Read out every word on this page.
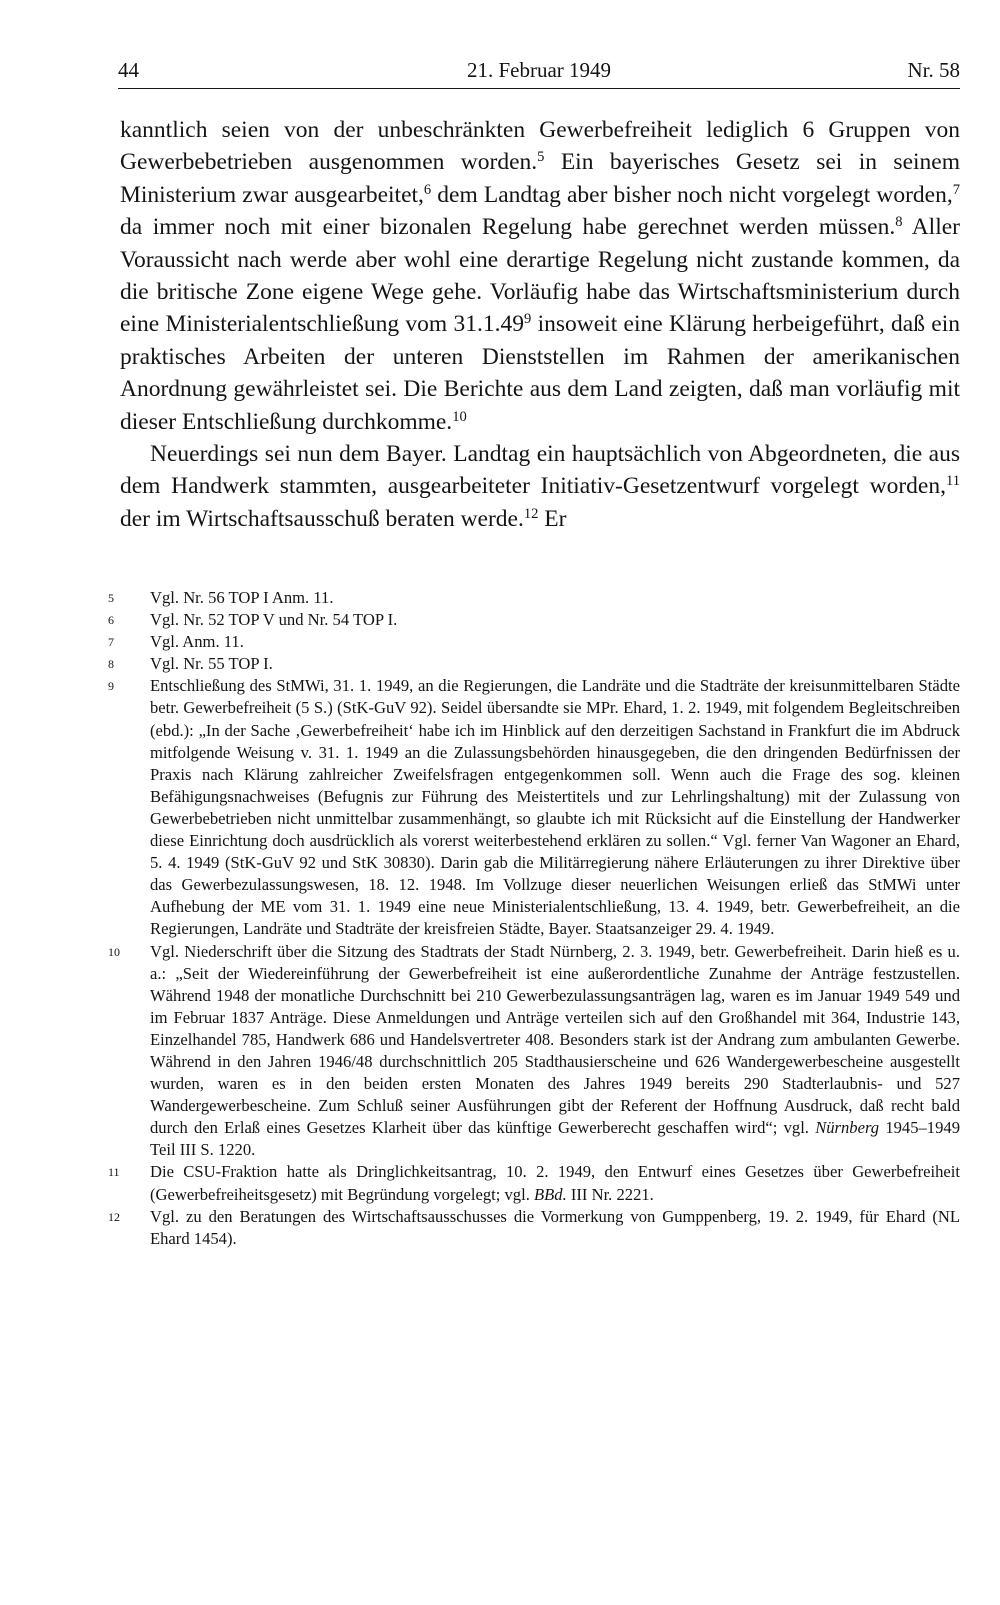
44	21. Februar 1949	Nr. 58

kanntlich seien von der unbeschränkten Gewerbefreiheit lediglich 6 Gruppen von Gewerbebetrieben ausgenommen worden.$^5$ Ein bayerisches Gesetz sei in seinem Ministerium zwar ausgearbeitet,$^6$ dem Landtag aber bisher noch nicht vorgelegt worden,$^7$ da immer noch mit einer bizonalen Regelung habe gerechnet werden müssen.$^8$ Aller Voraussicht nach werde aber wohl eine derartige Regelung nicht zustande kommen, da die britische Zone eigene Wege gehe. Vorläufig habe das Wirtschaftsministerium durch eine Ministerialentschließung vom 31.1.49$^9$ insoweit eine Klärung herbeigeführt, daß ein praktisches Arbeiten der unteren Dienststellen im Rahmen der amerikanischen Anordnung gewährleistet sei. Die Berichte aus dem Land zeigten, daß man vorläufig mit dieser Entschließung durchkomme.$^{10}$

Neuerdings sei nun dem Bayer. Landtag ein hauptsächlich von Abgeordneten, die aus dem Handwerk stammten, ausgearbeiteter Initiativ-Gesetzentwurf vorgelegt worden,$^{11}$ der im Wirtschaftsausschuß beraten werde.$^{12}$ Er

5 Vgl. Nr. 56 TOP I Anm. 11.
6 Vgl. Nr. 52 TOP V und Nr. 54 TOP I.
7 Vgl. Anm. 11.
8 Vgl. Nr. 55 TOP I.
9 Entschließung des StMWi, 31. 1. 1949, an die Regierungen, die Landräte und die Stadträte der kreisunmittelbaren Städte betr. Gewerbefreiheit (5 S.) (StK-GuV 92). Seidel übersandte sie MPr. Ehard, 1. 2. 1949, mit folgendem Begleitschreiben (ebd.): „In der Sache ‚Gewerbefreiheit‘ habe ich im Hinblick auf den derzeitigen Sachstand in Frankfurt die im Abdruck mitfolgende Weisung v. 31. 1. 1949 an die Zulassungsbehörden hinausgegeben, die den dringenden Bedürfnissen der Praxis nach Klärung zahlreicher Zweifelsfragen entgegenkommen soll. Wenn auch die Frage des sog. kleinen Befähigungsnachweises (Befugnis zur Führung des Meistertitels und zur Lehrlingshaltung) mit der Zulassung von Gewerbebetrieben nicht unmittelbar zusammenhängt, so glaubte ich mit Rücksicht auf die Einstellung der Handwerker diese Einrichtung doch ausdrücklich als vorerst weiterbestehend erklären zu sollen.“ Vgl. ferner Van Wagoner an Ehard, 5. 4. 1949 (StK-GuV 92 und StK 30830). Darin gab die Militärregierung nähere Erläuterungen zu ihrer Direktive über das Gewerbezulassungswesen, 18. 12. 1948. Im Vollzuge dieser neuerlichen Weisungen erließ das StMWi unter Aufhebung der ME vom 31. 1. 1949 eine neue Ministerialentschließung, 13. 4. 1949, betr. Gewerbefreiheit, an die Regierungen, Landräte und Stadträte der kreisfreien Städte, Bayer. Staatsanzeiger 29. 4. 1949.
10 Vgl. Niederschrift über die Sitzung des Stadtrats der Stadt Nürnberg, 2. 3. 1949, betr. Gewerbefreiheit. Darin hieß es u. a.: „Seit der Wiedereinführung der Gewerbefreiheit ist eine außerordentliche Zunahme der Anträge festzustellen. Während 1948 der monatliche Durchschnitt bei 210 Gewerbezulassungsanträgen lag, waren es im Januar 1949 549 und im Februar 1837 Anträge. Diese Anmeldungen und Anträge verteilen sich auf den Großhandel mit 364, Industrie 143, Einzelhandel 785, Handwerk 686 und Handelsvertreter 408. Besonders stark ist der Andrang zum ambulanten Gewerbe. Während in den Jahren 1946/48 durchschnittlich 205 Stadthausierscheine und 626 Wandergewerbescheine ausgestellt wurden, waren es in den beiden ersten Monaten des Jahres 1949 bereits 290 Stadterlaubnis- und 527 Wandergewerbescheine. Zum Schluß seiner Ausführungen gibt der Referent der Hoffnung Ausdruck, daß recht bald durch den Erlaß eines Gesetzes Klarheit über das künftige Gewerberecht geschaffen wird“; vgl. Nürnberg 1945–1949 Teil III S. 1220.
11 Die CSU-Fraktion hatte als Dringlichkeitsantrag, 10. 2. 1949, den Entwurf eines Gesetzes über Gewerbefreiheit (Gewerbefreiheitsgesetz) mit Begründung vorgelegt; vgl. BBd. III Nr. 2221.
12 Vgl. zu den Beratungen des Wirtschaftsausschusses die Vormerkung von Gumppenberg, 19. 2. 1949, für Ehard (NL Ehard 1454).
